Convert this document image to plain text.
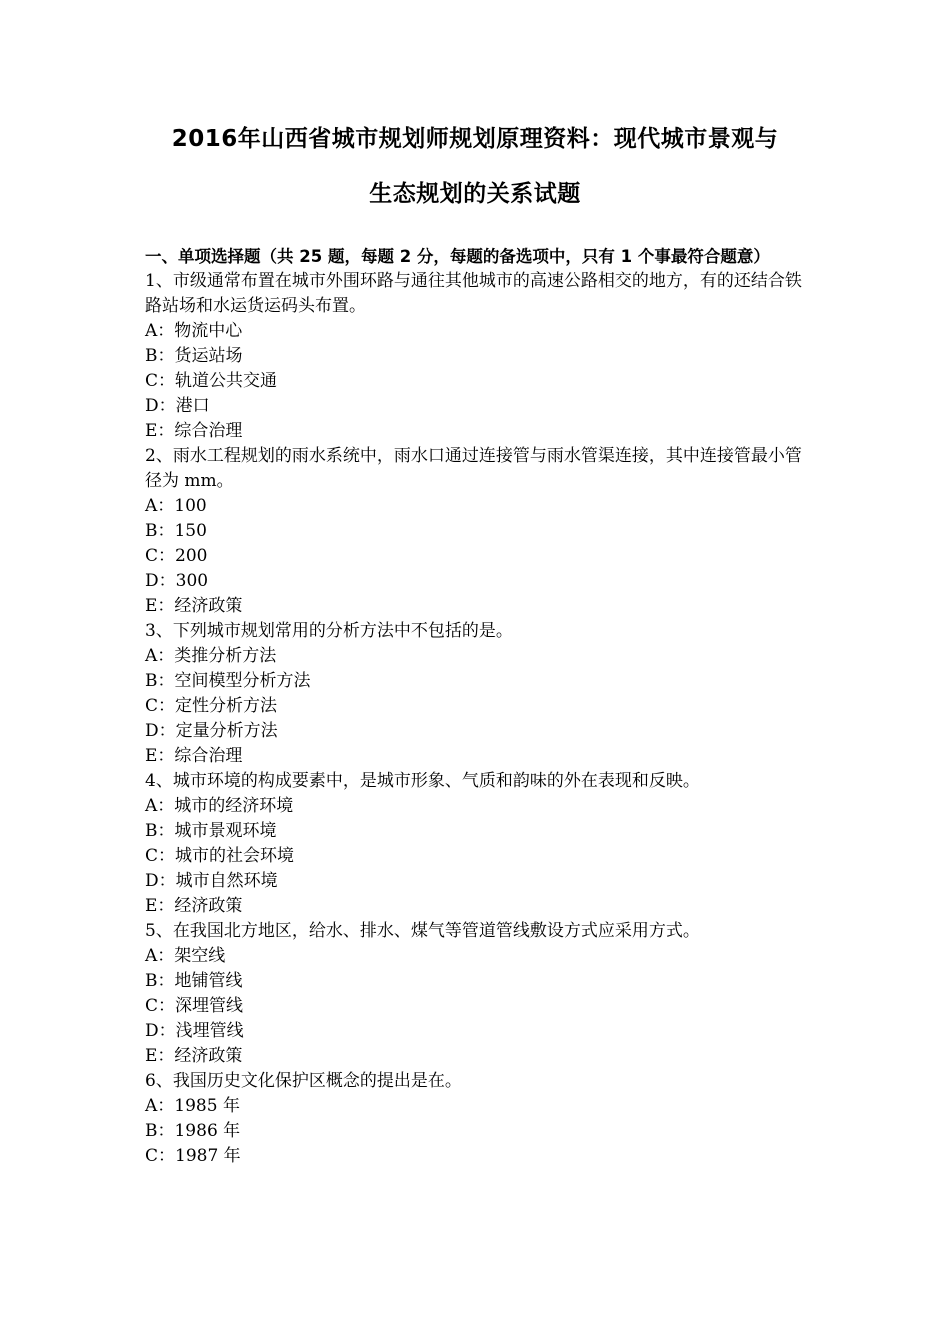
2016年山西省城市规划师规划原理资料：现代城市景观与
生态规划的关系试题
一、单项选择题（共 25 题，每题 2 分，每题的备选项中，只有 1 个事最符合题意）
1、市级通常布置在城市外围环路与通往其他城市的高速公路相交的地方，有的还结合铁路站场和水运货运码头布置。
A：物流中心
B：货运站场
C：轨道公共交通
D：港口
E：综合治理
2、雨水工程规划的雨水系统中，雨水口通过连接管与雨水管渠连接，其中连接管最小管径为 mm。
A：100
B：150
C：200
D：300
E：经济政策
3、下列城市规划常用的分析方法中不包括的是。
A：类推分析方法
B：空间模型分析方法
C：定性分析方法
D：定量分析方法
E：综合治理
4、城市环境的构成要素中，是城市形象、气质和韵味的外在表现和反映。
A：城市的经济环境
B：城市景观环境
C：城市的社会环境
D：城市自然环境
E：经济政策
5、在我国北方地区，给水、排水、煤气等管道管线敷设方式应采用方式。
A：架空线
B：地铺管线
C：深埋管线
D：浅埋管线
E：经济政策
6、我国历史文化保护区概念的提出是在。
A：1985 年
B：1986 年
C：1987 年
